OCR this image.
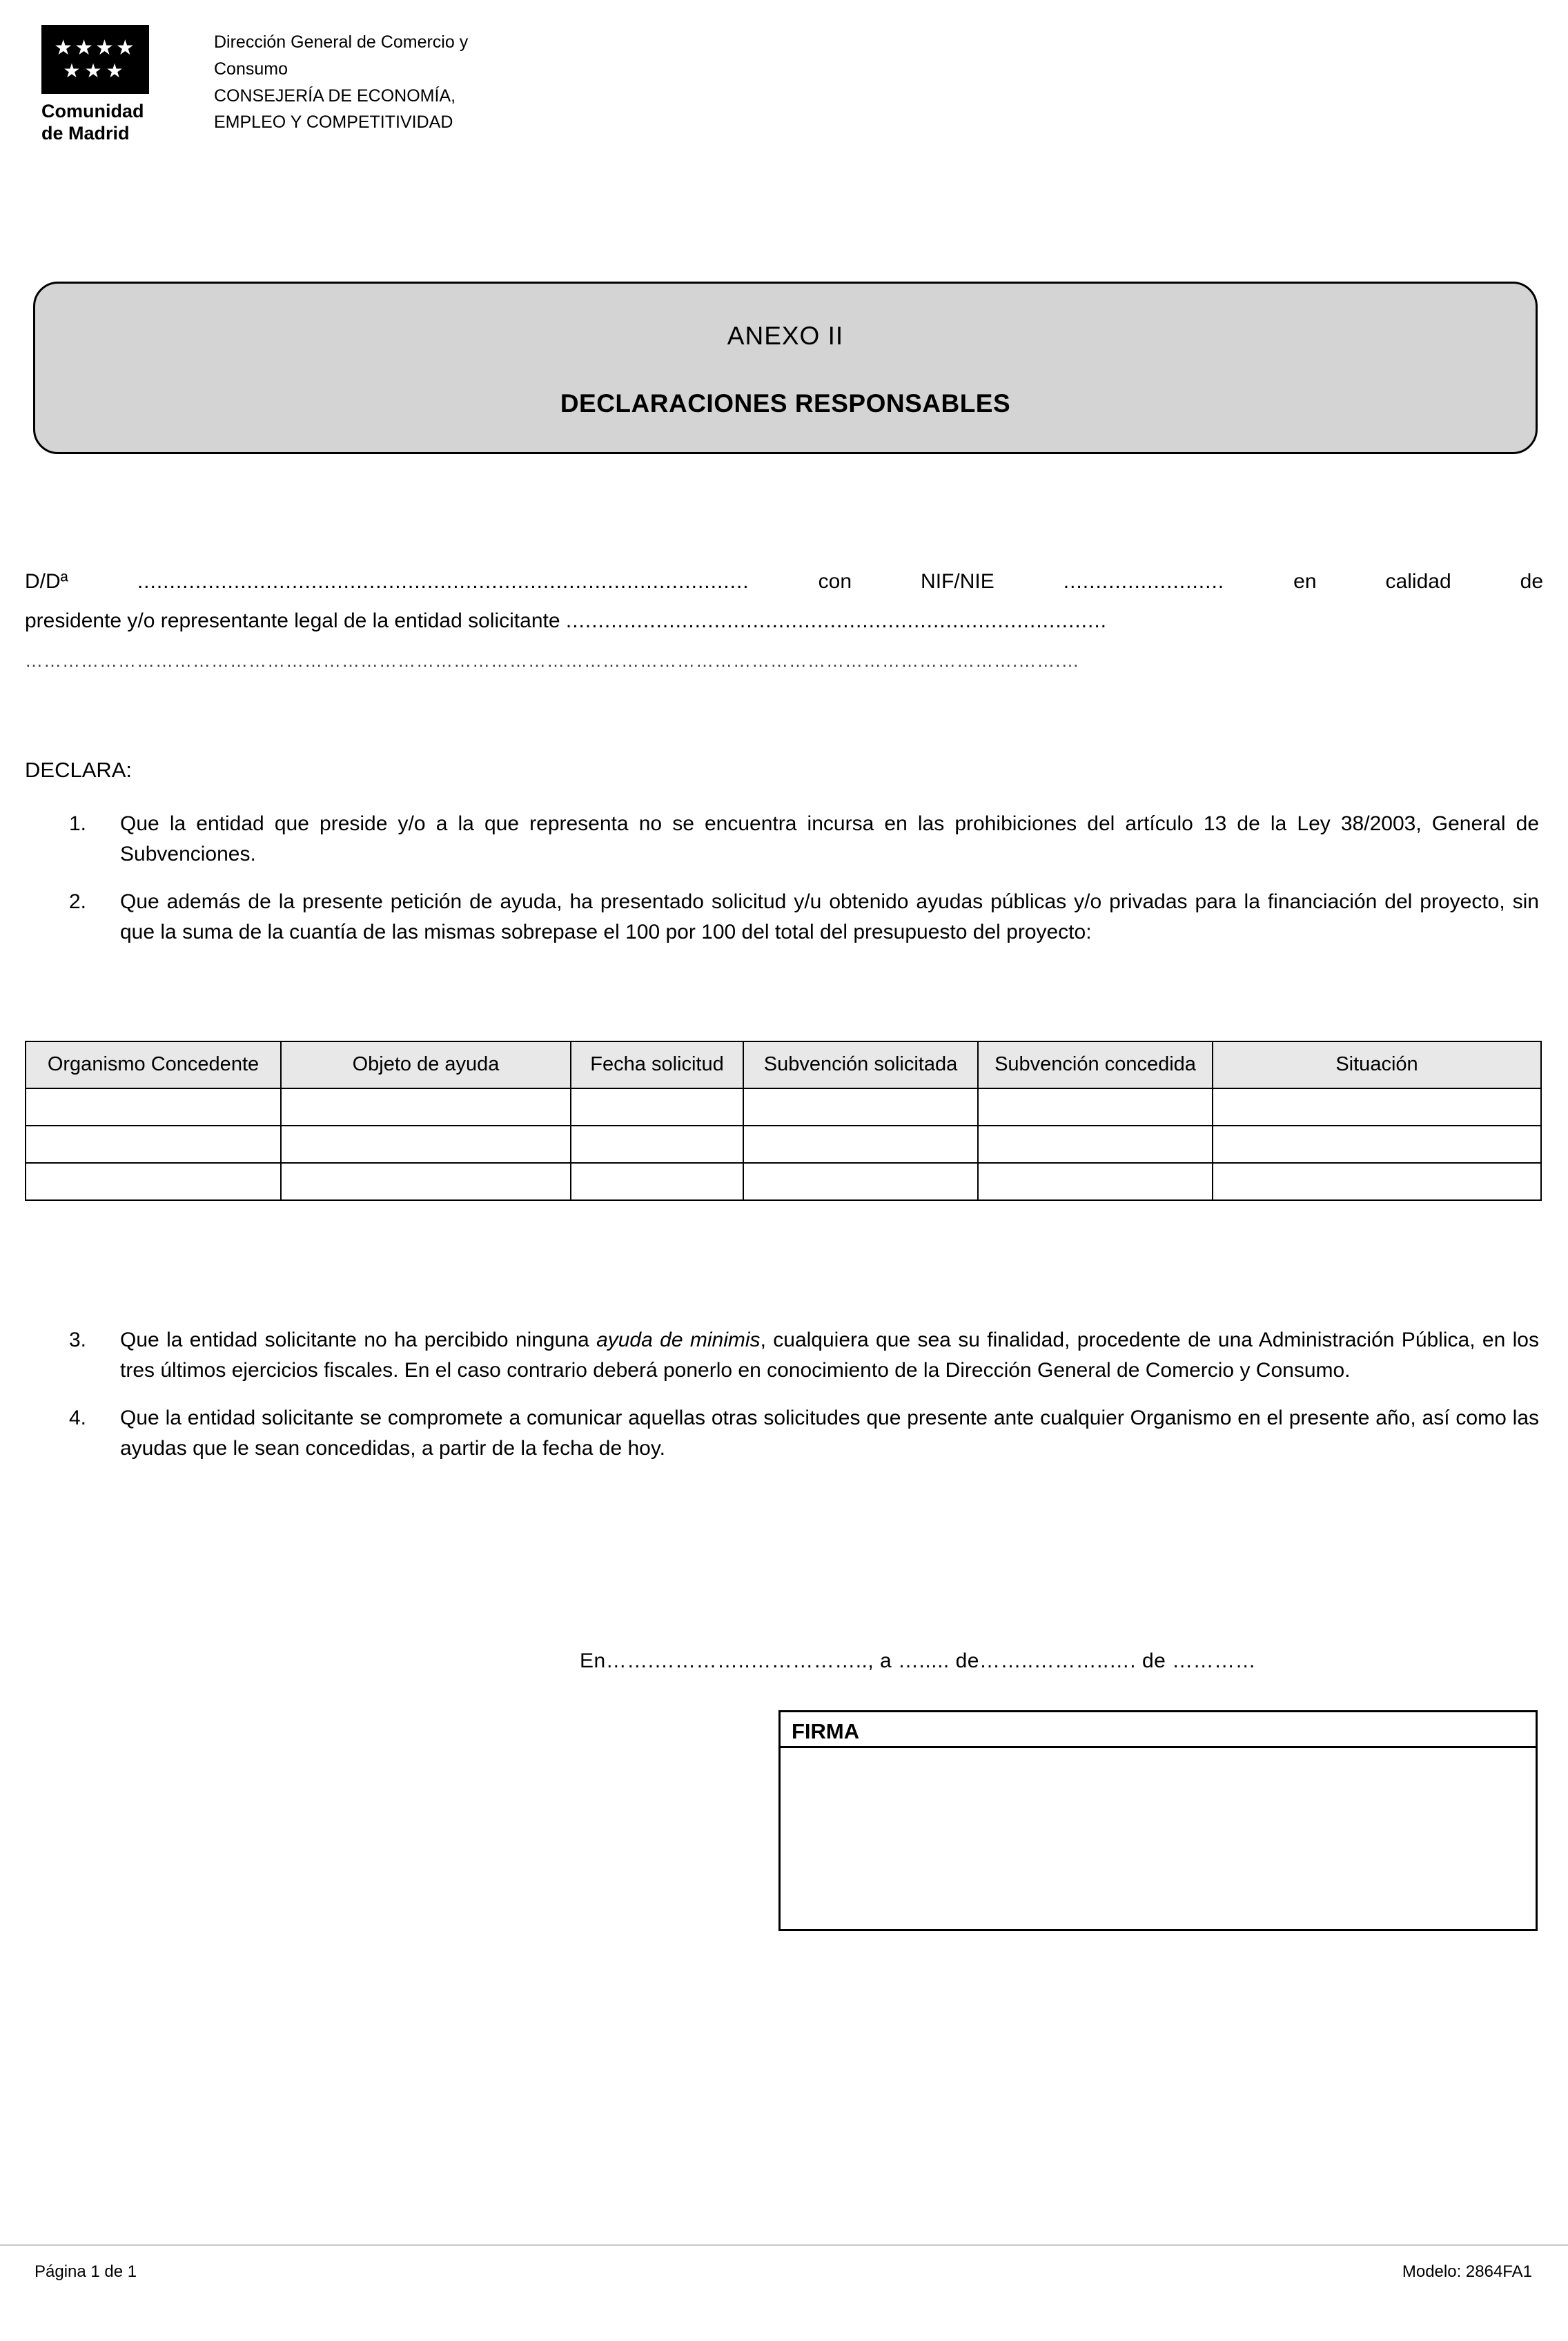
★★★★
★★★
Comunidad
de Madrid
Dirección General de Comercio y
Consumo
CONSEJERÍA DE ECONOMÍA,
EMPLEO Y COMPETITIVIDAD
ANEXO II
DECLARACIONES RESPONSABLES
D/Dª	...............................................................................................	con NIF/NIE	.........................	en calidad de
presidente y/o representante legal de la entidad solicitante ....................................................................................
…………………………………………………………………………………………………………………………………………….…….…
DECLARA:
1.	Que la entidad que preside y/o a la que representa no se encuentra incursa en las prohibiciones del artículo 13 de la Ley 38/2003, General de Subvenciones.
2.	Que además de la presente petición de ayuda, ha presentado solicitud y/u obtenido ayudas públicas y/o privadas para la financiación del proyecto, sin que la suma de la cuantía de las mismas sobrepase el 100 por 100 del total del presupuesto del proyecto:
Organismo Concedente	Objeto de ayuda	Fecha solicitud	Subvención solicitada	Subvención concedida	Situación

3.	Que la entidad solicitante no ha percibido ninguna ayuda de minimis, cualquiera que sea su finalidad, procedente de una Administración Pública, en los tres últimos ejercicios fiscales. En el caso contrario deberá ponerlo en conocimiento de la Dirección General de Comercio y Consumo.
4.	Que la entidad solicitante se compromete a comunicar aquellas otras solicitudes que presente ante cualquier Organismo en el presente año, así como las ayudas que le sean concedidas, a partir de la fecha de hoy.
En…….…………..…………….., a …..... de……..………..…. de …………
FIRMA
Página 1 de 1	Modelo: 2864FA1
